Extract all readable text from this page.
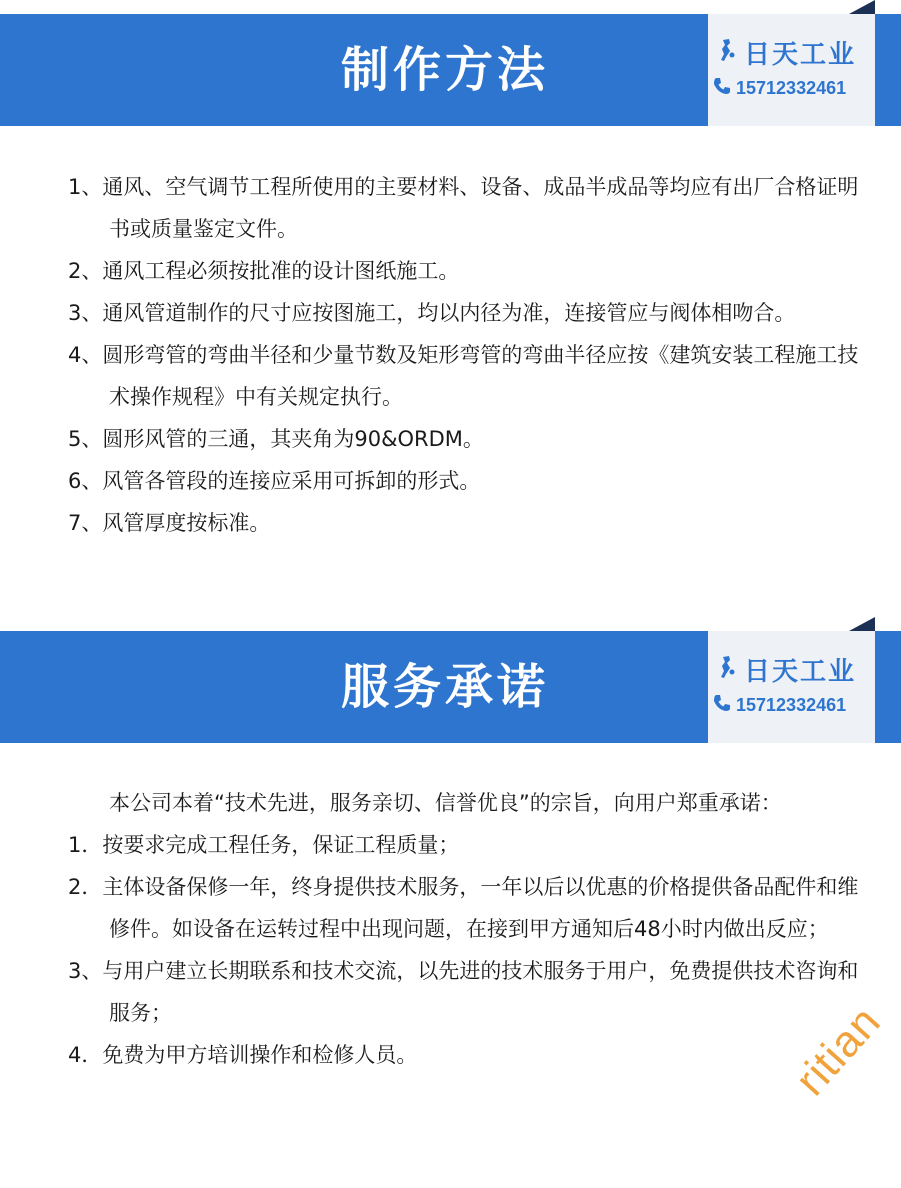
制作方法	日天工业
15712332461

1、通风、空气调节工程所使用的主要材料、设备、成品半成品等均应有出厂合格证明书或质量鉴定文件。

2、通风工程必须按批准的设计图纸施工。

3、通风管道制作的尺寸应按图施工，均以内径为准，连接管应与阀体相吻合。

4、圆形弯管的弯曲半径和少量节数及矩形弯管的弯曲半径应按《建筑安装工程施工技术操作规程》中有关规定执行。

5、圆形风管的三通，其夹角为90&ORDM。

6、风管各管段的连接应采用可拆卸的形式。

7、风管厚度按标准。

服务承诺	日天工业
15712332461

本公司本着“技术先进，服务亲切、信誉优良”的宗旨，向用户郑重承诺：

1．按要求完成工程任务，保证工程质量；

2．主体设备保修一年，终身提供技术服务，一年以后以优惠的价格提供备品配件和维修件。如设备在运转过程中出现问题，在接到甲方通知后48小时内做出反应；

3、与用户建立长期联系和技术交流，以先进的技术服务于用户，免费提供技术咨询和服务；

4．免费为甲方培训操作和检修人员。	ritian
